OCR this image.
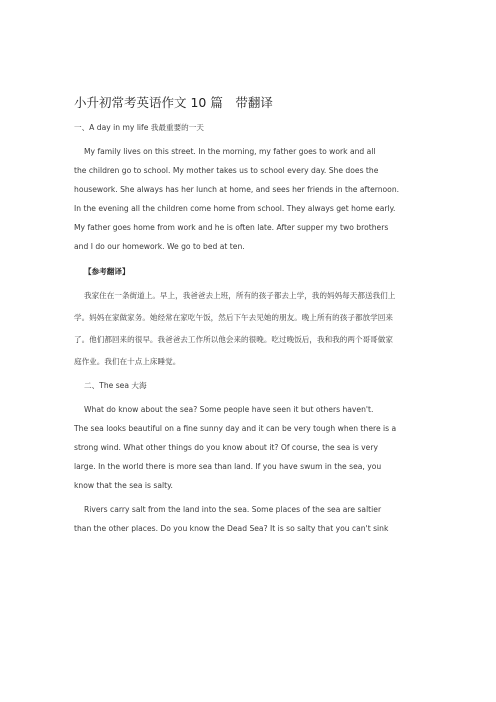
小升初常考英语作文 10 篇　带翻译
一、A day in my life 我最重要的一天
My family lives on this street. In the morning, my father goes to work and all
the children go to school. My mother takes us to school every day. She does the
housework. She always has her lunch at home, and sees her friends in the afternoon.
In the evening all the children come home from school. They always get home early.
My father goes home from work and he is often late. After supper my two brothers
and I do our homework. We go to bed at ten.
【参考翻译】
我家住在一条街道上。早上，我爸爸去上班，所有的孩子都去上学，我的妈妈每天都送我们上
学。妈妈在家做家务。她经常在家吃午饭，然后下午去见她的朋友。晚上所有的孩子都放学回来
了。他们都回来的很早。我爸爸去工作所以他会来的很晚。吃过晚饭后，我和我的两个哥哥做家
庭作业。我们在十点上床睡觉。
二、The sea 大海
What do know about the sea? Some people have seen it but others haven't.
The sea looks beautiful on a fine sunny day and it can be very tough when there is a
strong wind. What other things do you know about it? Of course, the sea is very
large. In the world there is more sea than land. If you have swum in the sea, you
know that the sea is salty.
Rivers carry salt from the land into the sea. Some places of the sea are saltier
than the other places. Do you know the Dead Sea? It is so salty that you can't sink
